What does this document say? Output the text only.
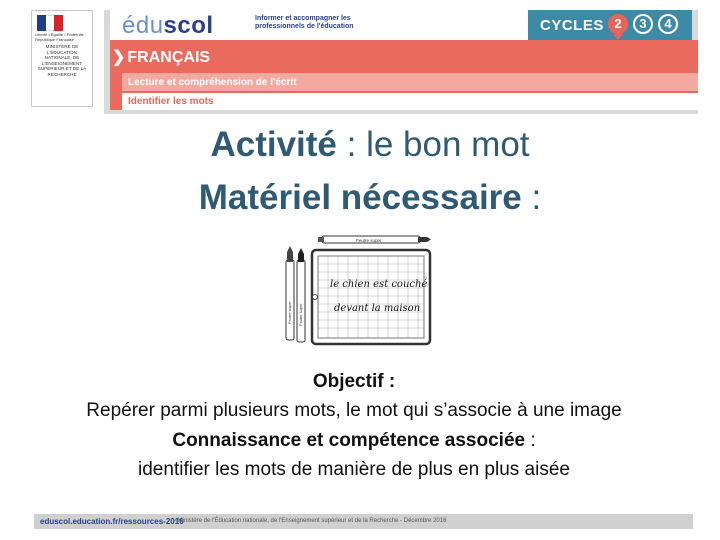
Liberté • Égalité • Fraternité · République Française
MINISTÈRE DE L'ÉDUCATION NATIONALE, DE L'ENSEIGNEMENT SUPÉRIEUR ET DE LA RECHERCHE
éduscol	Informer et accompagner les professionnels de l'éducation	CYCLES 2	3	4
❯ FRANÇAIS
Lecture et compréhension de l'écrit
Identifier les mots
Activité : le bon mot
Matériel nécessaire :
Feutre super
Feutre super Feutre super
le chien est couché
devant la maison
Objectif :
Repérer parmi plusieurs mots, le mot qui s’associe à une image
Connaissance et compétence associée :
identifier les mots de manière de plus en plus aisée
eduscol.education.fr/ressources-2016
- Ministère de l'Éducation nationale, de l'Enseignement supérieur et de la Recherche - Décembre 2016
